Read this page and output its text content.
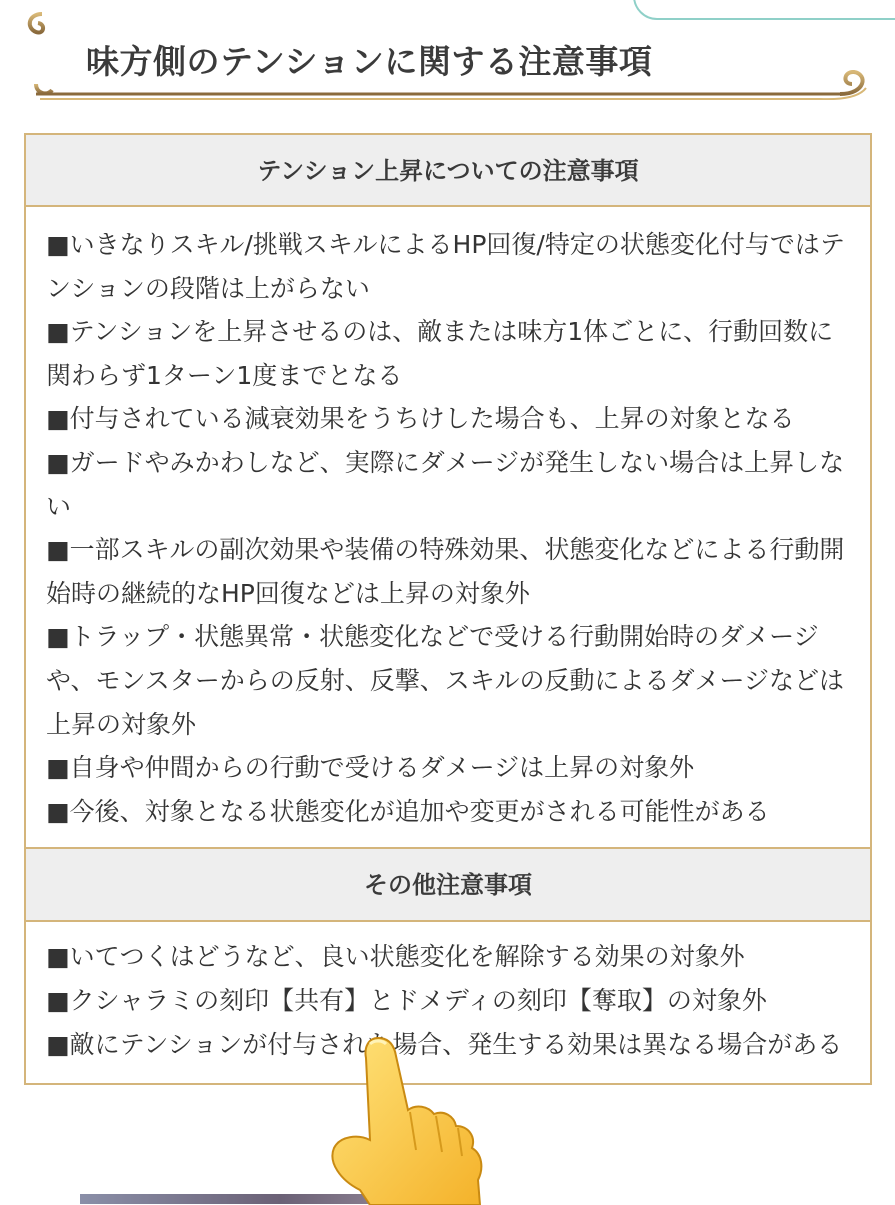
味方側のテンションに関する注意事項
テンション上昇についての注意事項
■いきなりスキル/挑戦スキルによるHP回復/特定の状態変化付与ではテンションの段階は上がらない
■テンションを上昇させるのは、敵または味方1体ごとに、行動回数に関わらず1ターン1度までとなる
■付与されている減衰効果をうちけした場合も、上昇の対象となる
■ガードやみかわしなど、実際にダメージが発生しない場合は上昇しない
■一部スキルの副次効果や装備の特殊効果、状態変化などによる行動開始時の継続的なHP回復などは上昇の対象外
■トラップ・状態異常・状態変化などで受ける行動開始時のダメージや、モンスターからの反射、反撃、スキルの反動によるダメージなどは上昇の対象外
■自身や仲間からの行動で受けるダメージは上昇の対象外
■今後、対象となる状態変化が追加や変更がされる可能性がある
その他注意事項
■いてつくはどうなど、良い状態変化を解除する効果の対象外
■クシャラミの刻印【共有】とドメディの刻印【奪取】の対象外
■敵にテンションが付与された場合、発生する効果は異なる場合がある
